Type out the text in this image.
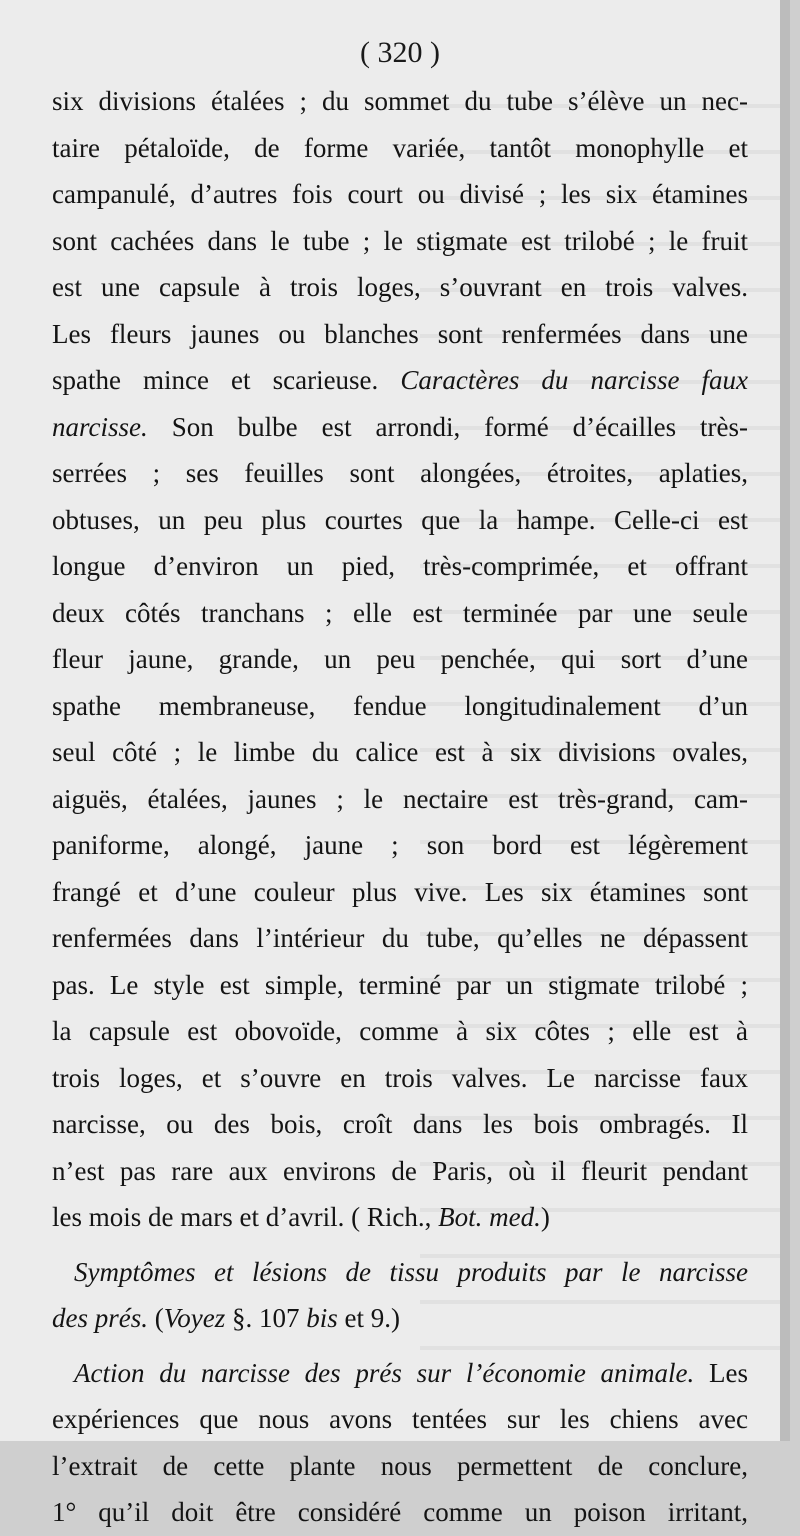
( 320 )
six divisions étalées ; du sommet du tube s’élève un nec-
taire pétaloïde, de forme variée, tantôt monophylle et
campanulé, d’autres fois court ou divisé ; les six étamines
sont cachées dans le tube ; le stigmate est trilobé ; le fruit
est une capsule à trois loges, s’ouvrant en trois valves.
Les fleurs jaunes ou blanches sont renfermées dans une
spathe mince et scarieuse. Caractères du narcisse faux
narcisse. Son bulbe est arrondi, formé d’écailles très-
serrées ; ses feuilles sont alongées, étroites, aplaties,
obtuses, un peu plus courtes que la hampe. Celle-ci est
longue d’environ un pied, très-comprimée, et offrant
deux côtés tranchans ; elle est terminée par une seule
fleur jaune, grande, un peu penchée, qui sort d’une
spathe membraneuse, fendue longitudinalement d’un
seul côté ; le limbe du calice est à six divisions ovales,
aiguës, étalées, jaunes ; le nectaire est très-grand, cam-
paniforme, alongé, jaune ; son bord est légèrement
frangé et d’une couleur plus vive. Les six étamines sont
renfermées dans l’intérieur du tube, qu’elles ne dépassent
pas. Le style est simple, terminé par un stigmate trilobé ;
la capsule est obovoïde, comme à six côtes ; elle est à
trois loges, et s’ouvre en trois valves. Le narcisse faux
narcisse, ou des bois, croît dans les bois ombragés. Il
n’est pas rare aux environs de Paris, où il fleurit pendant
les mois de mars et d’avril. ( Rich., Bot. med.)
Symptômes et lésions de tissu produits par le narcisse
des prés. (Voyez §. 107 bis et 9.)
Action du narcisse des prés sur l’économie animale. Les
expériences que nous avons tentées sur les chiens avec
l’extrait de cette plante nous permettent de conclure,
1° qu’il doit être considéré comme un poison irritant,
